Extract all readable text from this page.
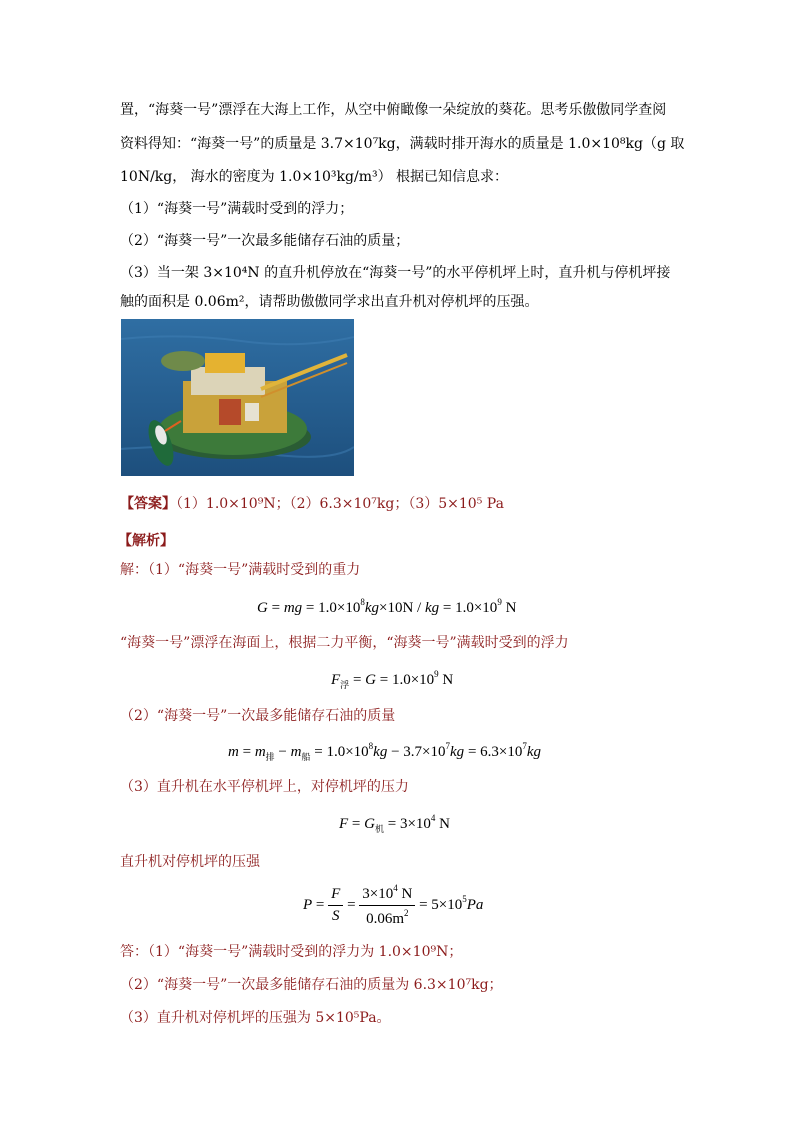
置，“海葵一号”漂浮在大海上工作，从空中俯瞰像一朵绽放的葵花。思考乐傲傲同学查阅
资料得知：“海葵一号”的质量是 3.7×10⁷kg，满载时排开海水的质量是 1.0×10⁸kg（g 取
10N/kg， 海水的密度为 1.0×10³kg/m³） 根据已知信息求：
（1）“海葵一号”满载时受到的浮力；
（2）“海葵一号”一次最多能储存石油的质量；
（3）当一架 3×10⁴N 的直升机停放在“海葵一号”的水平停机坪上时，直升机与停机坪接
触的面积是 0.06m²，请帮助傲傲同学求出直升机对停机坪的压强。
【答案】（1）1.0×10⁹N；（2）6.3×10⁷kg；（3）5×10⁵ Pa
【解析】
解：（1）“海葵一号”满载时受到的重力
G = mg = $1.0\times 10^8kg\times 10N$ / kg = $1.0\times 10^9$ N
“海葵一号”漂浮在海面上，根据二力平衡，“海葵一号”满载时受到的浮力
$F_浮 = G = 1.0\times 10^9$ N
（2）“海葵一号”一次最多能储存石油的质量
$m = m_排 - m_船 = 1.0\times 10^8kg - 3.7\times 10^7kg = 6.3\times 10^7kg$
（3）直升机在水平停机坪上，对停机坪的压力
$F = G_机 = 3\times 10^4$ N
直升机对停机坪的压强
$P = \frac{F}{S} = \frac{3\times 10^4 N}{0.06m^2} = 5\times 10^5Pa$
答：（1）“海葵一号”满载时受到的浮力为 1.0×10⁹N；
（2）“海葵一号”一次最多能储存石油的质量为 6.3×10⁷kg；
（3）直升机对停机坪的压强为 5×10⁵Pa。
